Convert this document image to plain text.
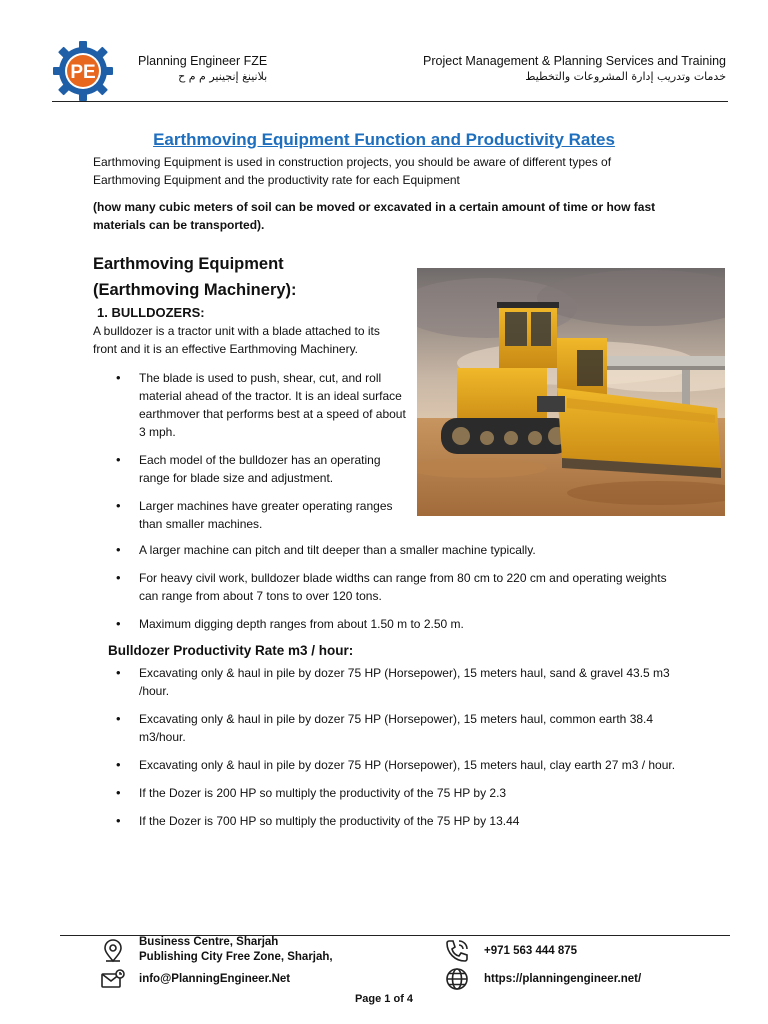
PE
Planning Engineer FZE
بلانينغ إنجينير م م ح
Project Management & Planning Services and Training
خدمات وتدريب إدارة المشروعات والتخطيط
Earthmoving Equipment Function and Productivity Rates
Earthmoving Equipment is used in construction projects, you should be aware of different types of Earthmoving Equipment and the productivity rate for each Equipment
(how many cubic meters of soil can be moved or excavated in a certain amount of time or how fast materials can be transported).
Earthmoving Equipment
(Earthmoving Machinery):
1. BULLDOZERS:
A bulldozer is a tractor unit with a blade attached to its front and it is an effective Earthmoving Machinery.
• The blade is used to push, shear, cut, and roll material ahead of the tractor. It is an ideal surface earthmover that performs best at a speed of about 3 mph.
• Each model of the bulldozer has an operating range for blade size and adjustment.
• Larger machines have greater operating ranges than smaller machines.
• A larger machine can pitch and tilt deeper than a smaller machine typically.
• For heavy civil work, bulldozer blade widths can range from 80 cm to 220 cm and operating weights can range from about 7 tons to over 120 tons.
• Maximum digging depth ranges from about 1.50 m to 2.50 m.
Bulldozer Productivity Rate m3 / hour:
• Excavating only & haul in pile by dozer 75 HP (Horsepower), 15 meters haul, sand & gravel 43.5 m3 /hour.
• Excavating only & haul in pile by dozer 75 HP (Horsepower), 15 meters haul, common earth 38.4 m3/hour.
• Excavating only & haul in pile by dozer 75 HP (Horsepower), 15 meters haul, clay earth 27 m3 / hour.
• If the Dozer is 200 HP so multiply the productivity of the 75 HP by 2.3
• If the Dozer is 700 HP so multiply the productivity of the 75 HP by 13.44
Business Centre, Sharjah
Publishing City Free Zone, Sharjah,
info@PlanningEngineer.Net
+971 563 444 875
https://planningengineer.net/
Page 1 of 4
